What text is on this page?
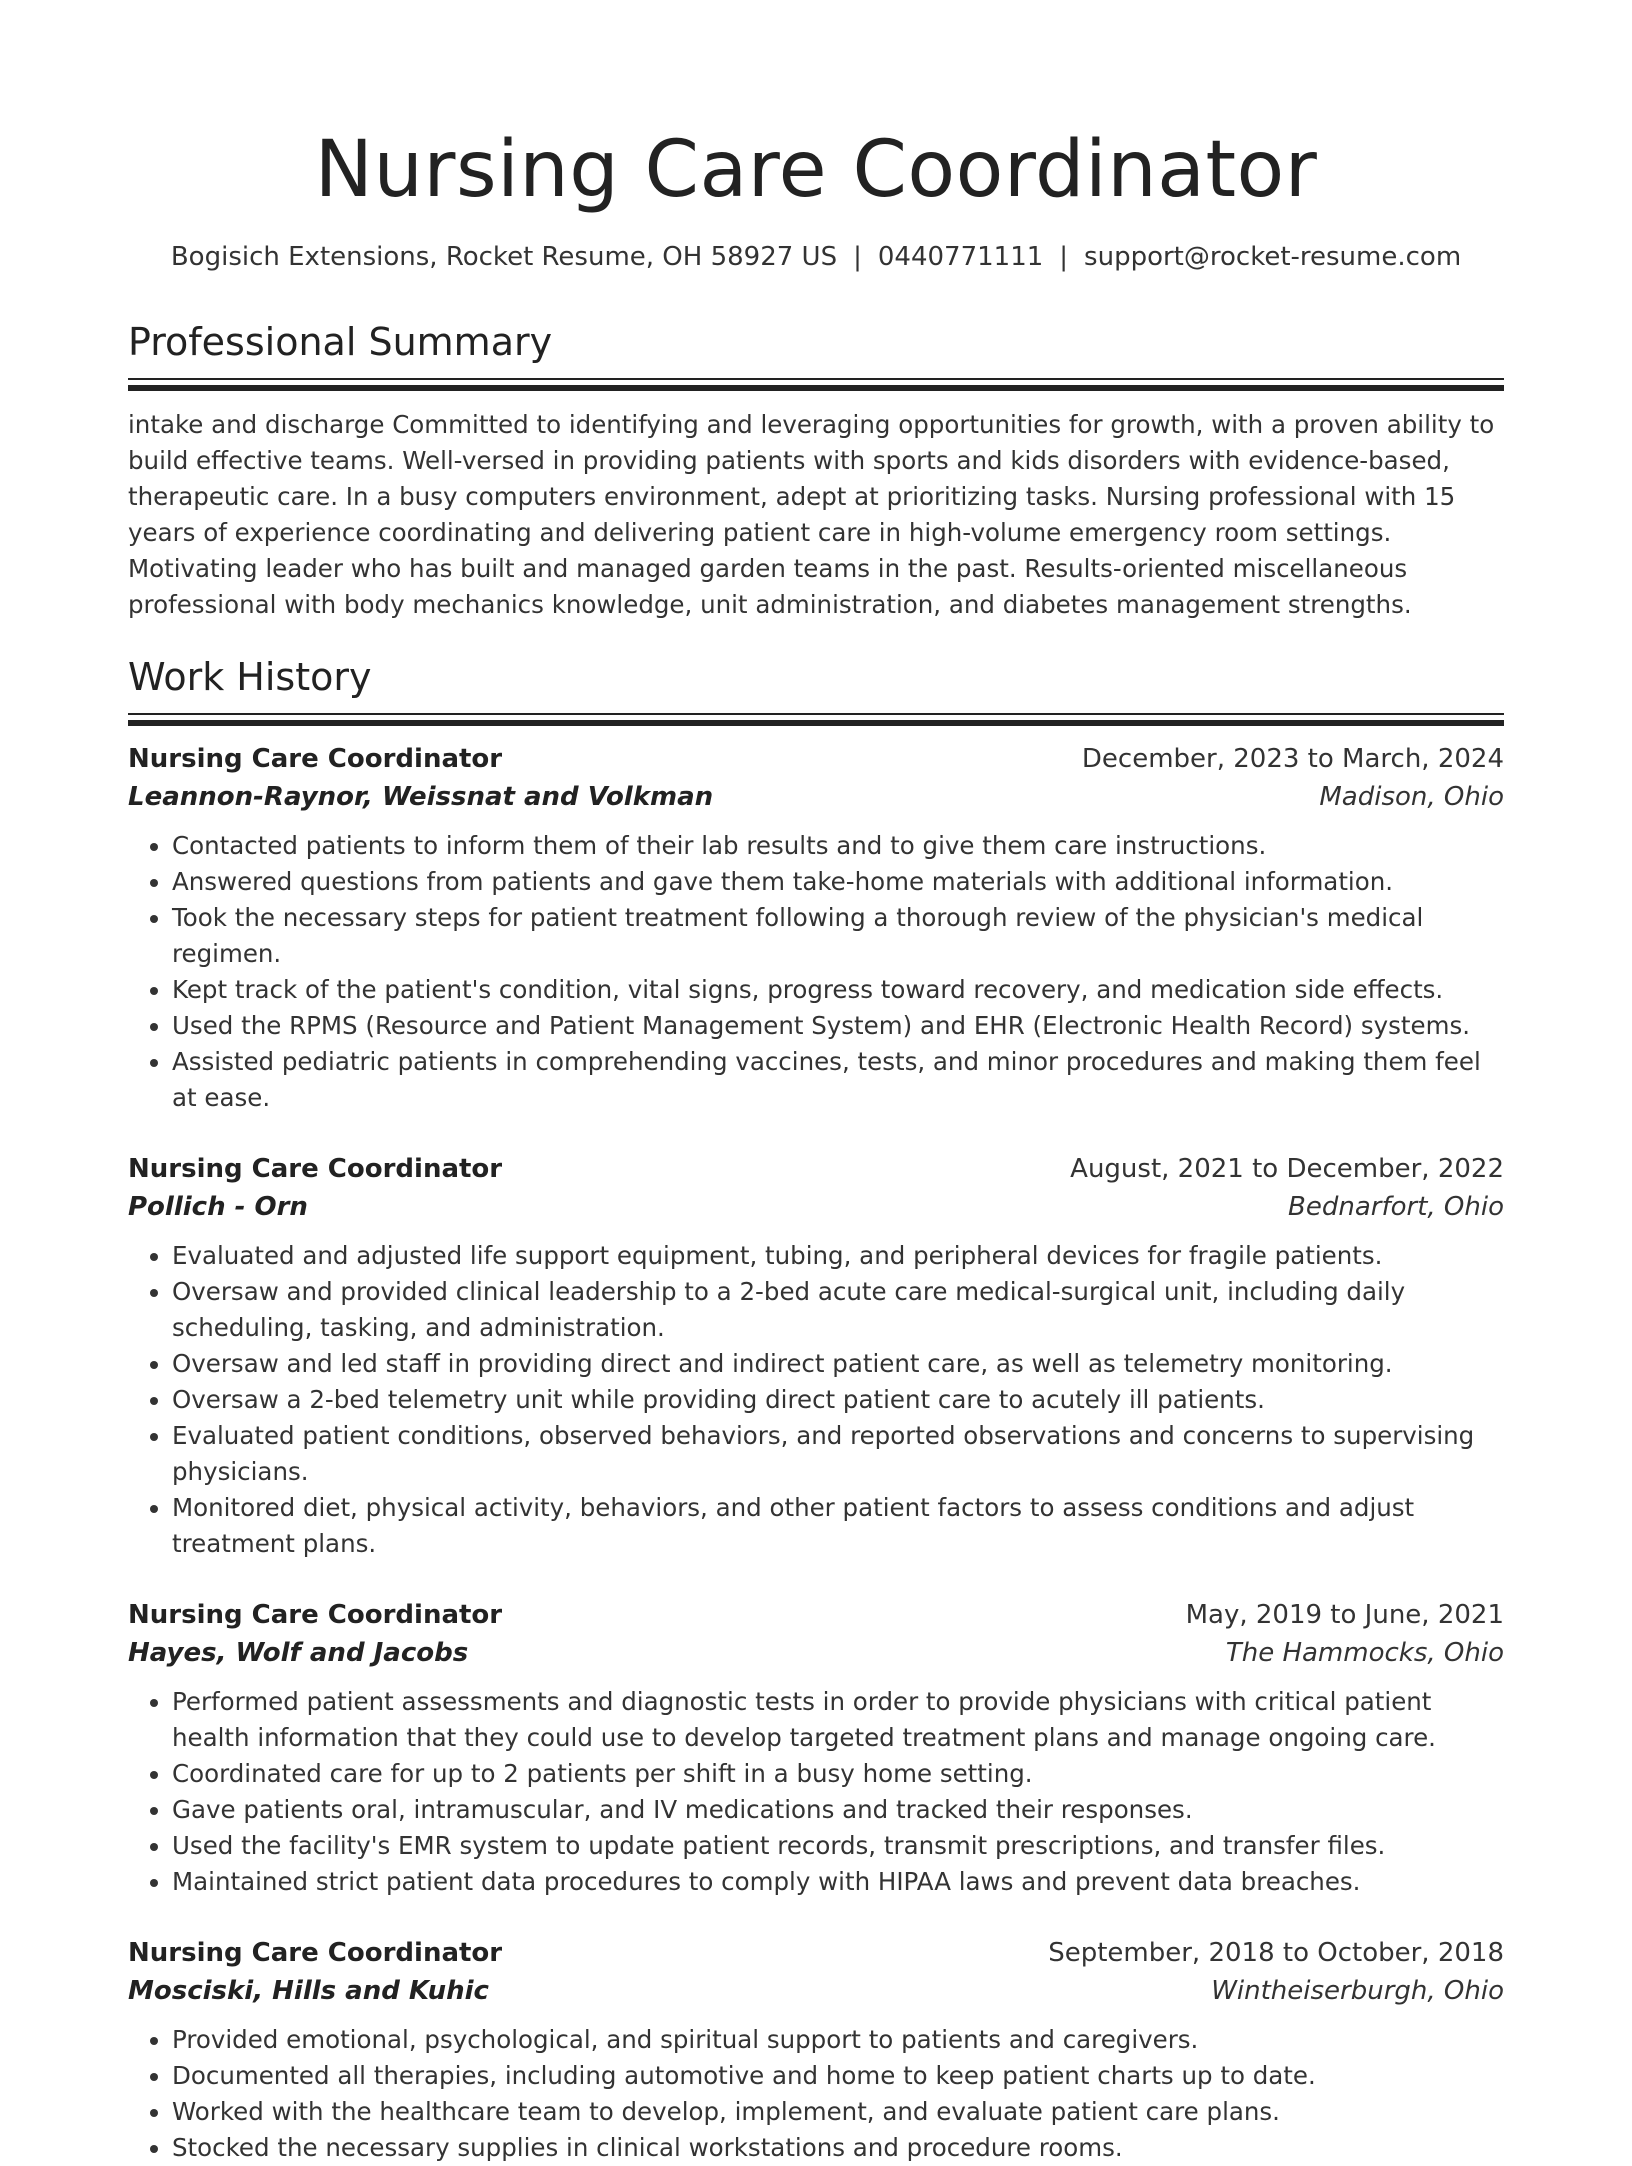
Nursing Care Coordinator
Bogisich Extensions, Rocket Resume, OH 58927 US | 0440771111 | support@rocket-resume.com
Professional Summary

intake and discharge Committed to identifying and leveraging opportunities for growth, with a proven ability to build effective teams. Well-versed in providing patients with sports and kids disorders with evidence-based, therapeutic care. In a busy computers environment, adept at prioritizing tasks. Nursing professional with 15 years of experience coordinating and delivering patient care in high-volume emergency room settings. Motivating leader who has built and managed garden teams in the past. Results-oriented miscellaneous professional with body mechanics knowledge, unit administration, and diabetes management strengths.

Work History
Nursing Care Coordinator	December, 2023 to March, 2024
Leannon-Raynor, Weissnat and Volkman	Madison, Ohio
• Contacted patients to inform them of their lab results and to give them care instructions.
• Answered questions from patients and gave them take-home materials with additional information.
• Took the necessary steps for patient treatment following a thorough review of the physician's medical regimen.
• Kept track of the patient's condition, vital signs, progress toward recovery, and medication side effects.
• Used the RPMS (Resource and Patient Management System) and EHR (Electronic Health Record) systems.
• Assisted pediatric patients in comprehending vaccines, tests, and minor procedures and making them feel at ease.
Nursing Care Coordinator	August, 2021 to December, 2022
Pollich - Orn	Bednarfort, Ohio
• Evaluated and adjusted life support equipment, tubing, and peripheral devices for fragile patients.
• Oversaw and provided clinical leadership to a 2-bed acute care medical-surgical unit, including daily scheduling, tasking, and administration.
• Oversaw and led staff in providing direct and indirect patient care, as well as telemetry monitoring.
• Oversaw a 2-bed telemetry unit while providing direct patient care to acutely ill patients.
• Evaluated patient conditions, observed behaviors, and reported observations and concerns to supervising physicians.
• Monitored diet, physical activity, behaviors, and other patient factors to assess conditions and adjust treatment plans.
Nursing Care Coordinator	May, 2019 to June, 2021
Hayes, Wolf and Jacobs	The Hammocks, Ohio
• Performed patient assessments and diagnostic tests in order to provide physicians with critical patient health information that they could use to develop targeted treatment plans and manage ongoing care.
• Coordinated care for up to 2 patients per shift in a busy home setting.
• Gave patients oral, intramuscular, and IV medications and tracked their responses.
• Used the facility's EMR system to update patient records, transmit prescriptions, and transfer files.
• Maintained strict patient data procedures to comply with HIPAA laws and prevent data breaches.
Nursing Care Coordinator	September, 2018 to October, 2018
Mosciski, Hills and Kuhic	Wintheiserburgh, Ohio
• Provided emotional, psychological, and spiritual support to patients and caregivers.
• Documented all therapies, including automotive and home to keep patient charts up to date.
• Worked with the healthcare team to develop, implement, and evaluate patient care plans.
• Stocked the necessary supplies in clinical workstations and procedure rooms.
